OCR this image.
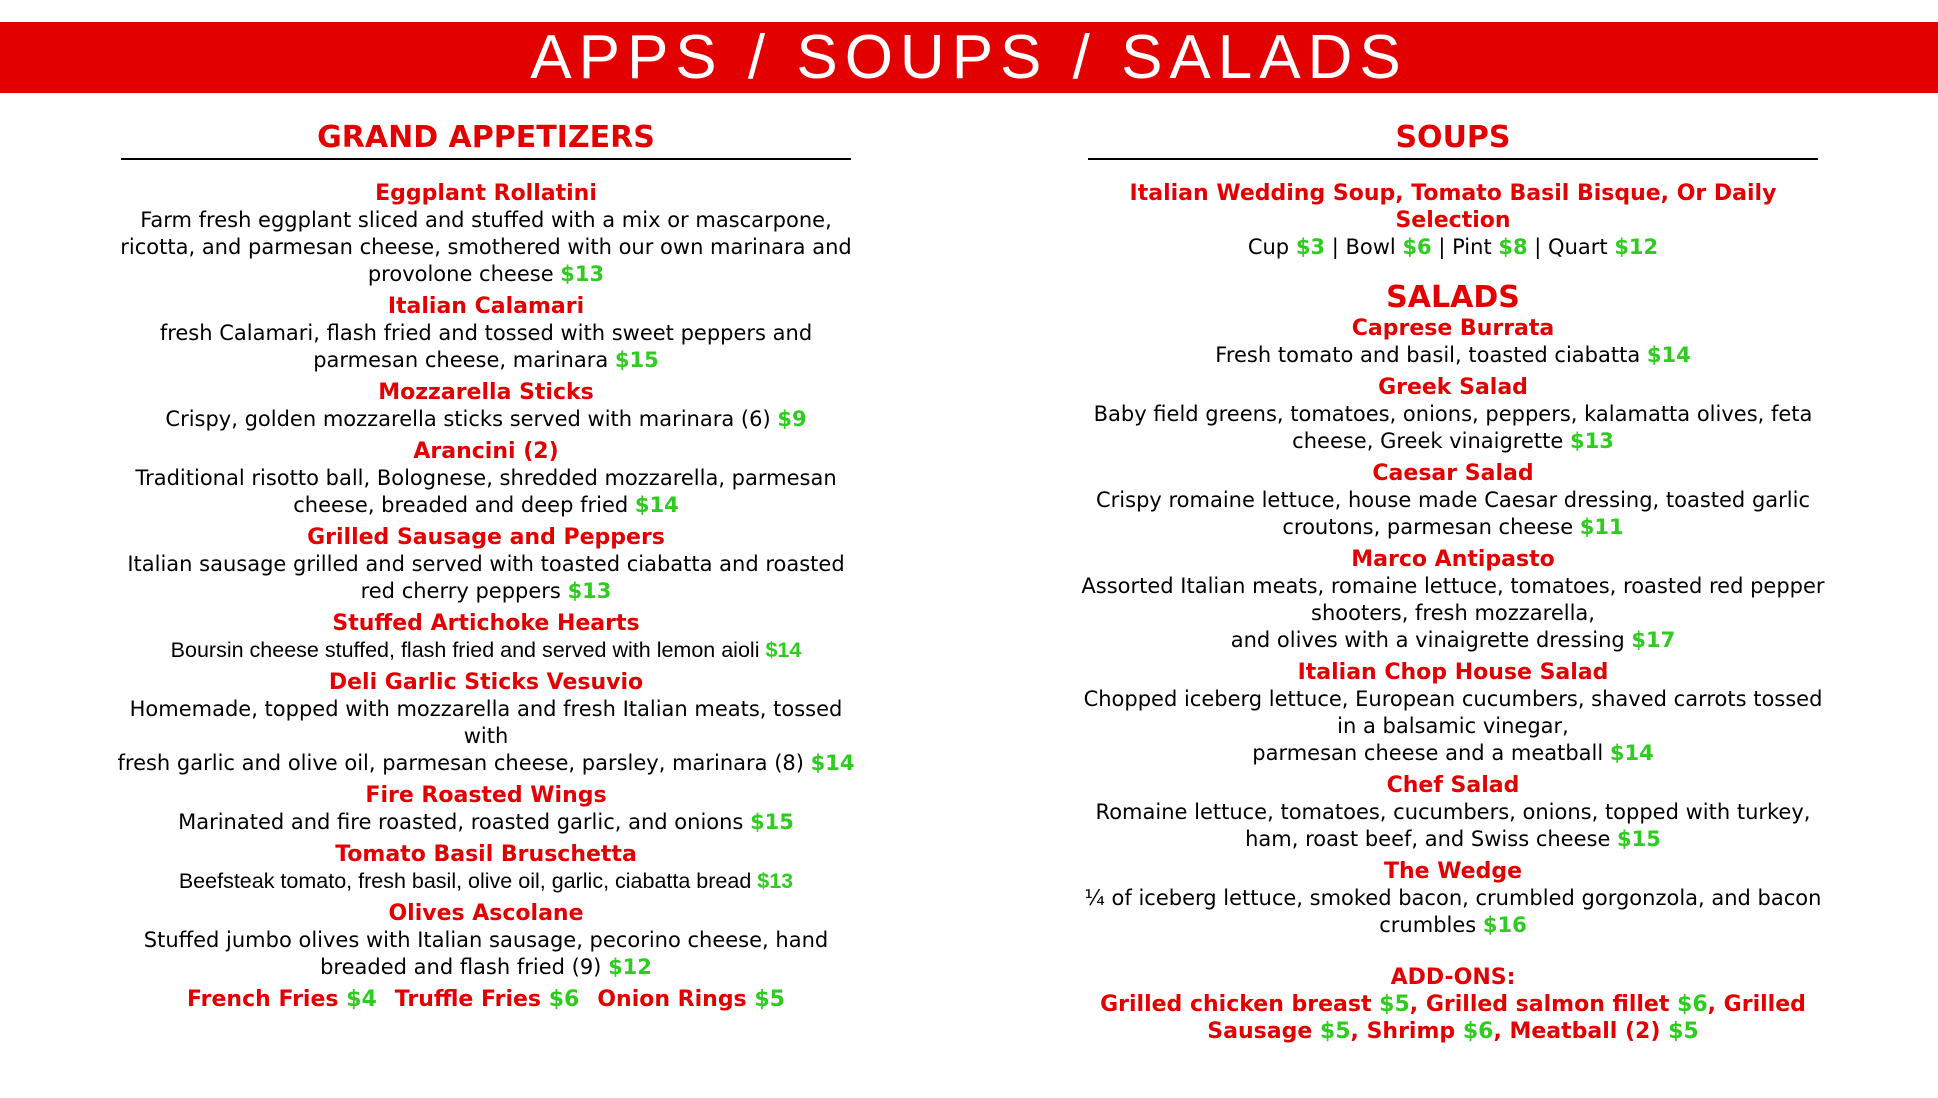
APPS / SOUPS / SALADS
GRAND APPETIZERS
Eggplant Rollatini
Farm fresh eggplant sliced and stuffed with a mix or mascarpone,
ricotta, and parmesan cheese, smothered with our own marinara and
provolone cheese $13
Italian Calamari
fresh Calamari, flash fried and tossed with sweet peppers and
parmesan cheese, marinara $15
Mozzarella Sticks
Crispy, golden mozzarella sticks served with marinara (6) $9
Arancini (2)
Traditional risotto ball, Bolognese, shredded mozzarella, parmesan
cheese, breaded and deep fried $14
Grilled Sausage and Peppers
Italian sausage grilled and served with toasted ciabatta and roasted
red cherry peppers $13
Stuffed Artichoke Hearts
Boursin cheese stuffed, flash fried and served with lemon aioli $14
Deli Garlic Sticks Vesuvio
Homemade, topped with mozzarella and fresh Italian meats, tossed with
fresh garlic and olive oil, parmesan cheese, parsley, marinara (8) $14
Fire Roasted Wings
Marinated and fire roasted, roasted garlic, and onions $15
Tomato Basil Bruschetta
Beefsteak tomato, fresh basil, olive oil, garlic, ciabatta bread $13
Olives Ascolane
Stuffed jumbo olives with Italian sausage, pecorino cheese, hand
breaded and flash fried (9) $12
French Fries $4 Truffle Fries $6 Onion Rings $5
SOUPS
Italian Wedding Soup, Tomato Basil Bisque, Or Daily Selection
Cup $3 | Bowl $6 | Pint $8 | Quart $12
SALADS
Caprese Burrata
Fresh tomato and basil, toasted ciabatta $14
Greek Salad
Baby field greens, tomatoes, onions, peppers, kalamatta olives, feta
cheese, Greek vinaigrette $13
Caesar Salad
Crispy romaine lettuce, house made Caesar dressing, toasted garlic
croutons, parmesan cheese $11
Marco Antipasto
Assorted Italian meats, romaine lettuce, tomatoes, roasted red pepper
shooters, fresh mozzarella,
and olives with a vinaigrette dressing $17
Italian Chop House Salad
Chopped iceberg lettuce, European cucumbers, shaved carrots tossed
in a balsamic vinegar,
parmesan cheese and a meatball $14
Chef Salad
Romaine lettuce, tomatoes, cucumbers, onions, topped with turkey,
ham, roast beef, and Swiss cheese $15
The Wedge
¼ of iceberg lettuce, smoked bacon, crumbled gorgonzola, and bacon
crumbles $16
ADD-ONS:
Grilled chicken breast $5, Grilled salmon fillet $6, Grilled Sausage $5, Shrimp $6, Meatball (2) $5
